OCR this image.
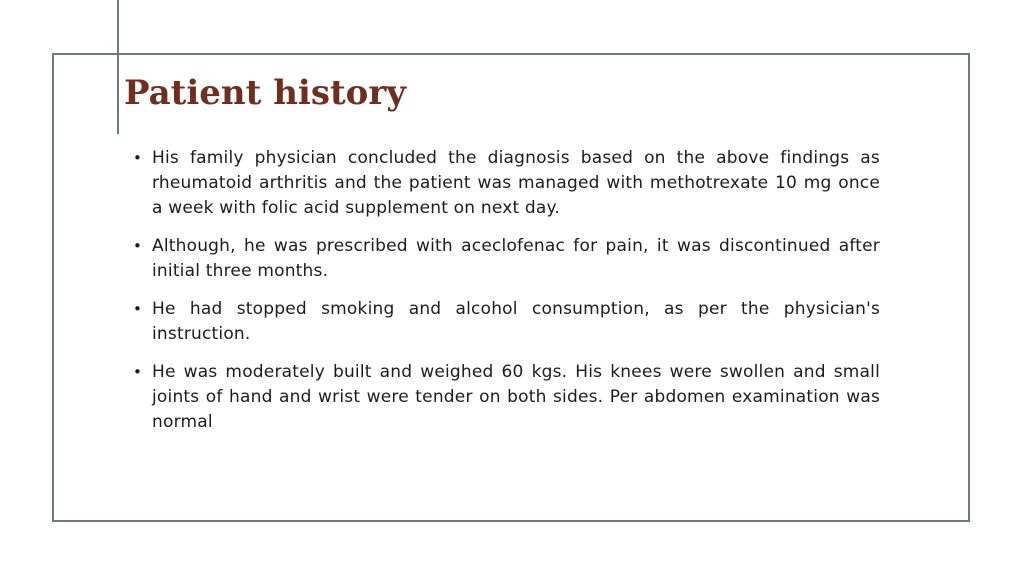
Patient history
• His family physician concluded the diagnosis based on the above findings as rheumatoid arthritis and the patient was managed with methotrexate 10 mg once a week with folic acid supplement on next day.
• Although, he was prescribed with aceclofenac for pain, it was discontinued after initial three months.
• He had stopped smoking and alcohol consumption, as per the physician's instruction.
• He was moderately built and weighed 60 kgs. His knees were swollen and small joints of hand and wrist were tender on both sides. Per abdomen examination was normal
